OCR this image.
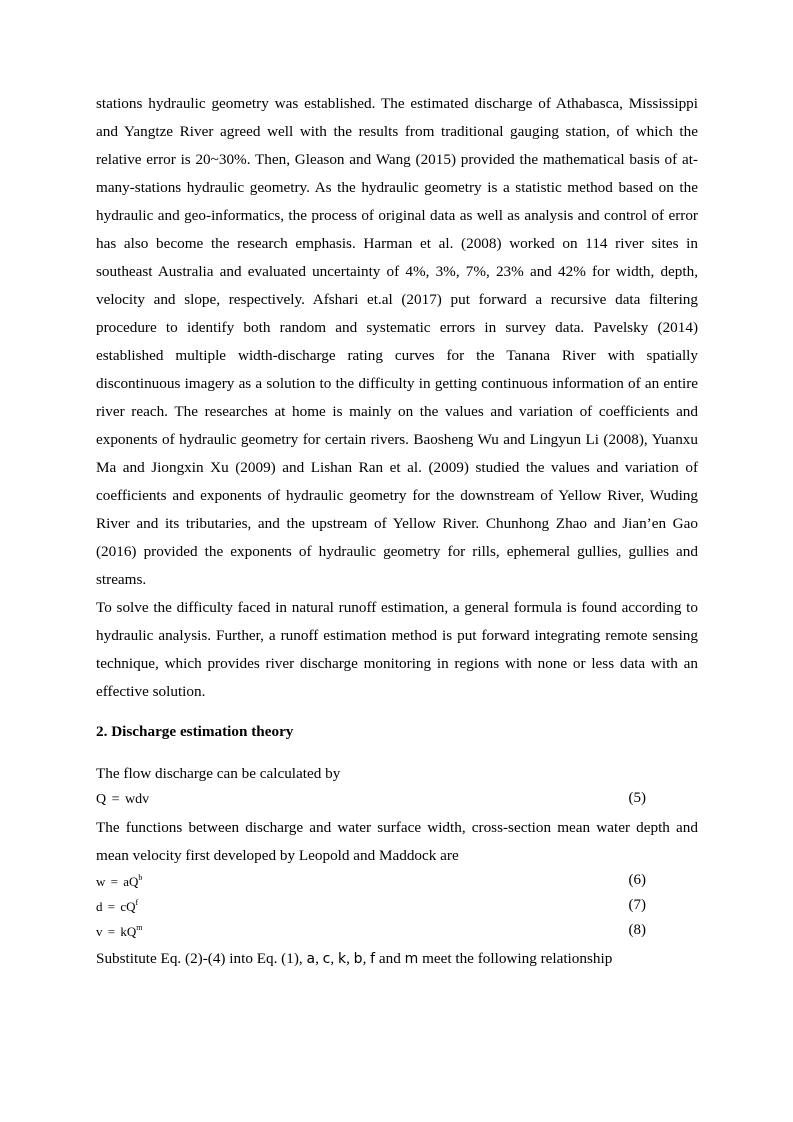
stations hydraulic geometry was established. The estimated discharge of Athabasca, Mississippi and Yangtze River agreed well with the results from traditional gauging station, of which the relative error is 20~30%. Then, Gleason and Wang (2015) provided the mathematical basis of at-many-stations hydraulic geometry. As the hydraulic geometry is a statistic method based on the hydraulic and geo-informatics, the process of original data as well as analysis and control of error has also become the research emphasis. Harman et al. (2008) worked on 114 river sites in southeast Australia and evaluated uncertainty of 4%, 3%, 7%, 23% and 42% for width, depth, velocity and slope, respectively. Afshari et.al (2017) put forward a recursive data filtering procedure to identify both random and systematic errors in survey data. Pavelsky (2014) established multiple width-discharge rating curves for the Tanana River with spatially discontinuous imagery as a solution to the difficulty in getting continuous information of an entire river reach. The researches at home is mainly on the values and variation of coefficients and exponents of hydraulic geometry for certain rivers. Baosheng Wu and Lingyun Li (2008), Yuanxu Ma and Jiongxin Xu (2009) and Lishan Ran et al. (2009) studied the values and variation of coefficients and exponents of hydraulic geometry for the downstream of Yellow River, Wuding River and its tributaries, and the upstream of Yellow River. Chunhong Zhao and Jian’en Gao (2016) provided the exponents of hydraulic geometry for rills, ephemeral gullies, gullies and streams.

To solve the difficulty faced in natural runoff estimation, a general formula is found according to hydraulic analysis. Further, a runoff estimation method is put forward integrating remote sensing technique, which provides river discharge monitoring in regions with none or less data with an effective solution.

2. Discharge estimation theory

The flow discharge can be calculated by

Q = wdv	(5)

The functions between discharge and water surface width, cross-section mean water depth and mean velocity first developed by Leopold and Maddock are

$w = aQ^b$	(6)
$d = cQ^f$	(7)
$v = kQ^m$	(8)

Substitute Eq. (2)-(4) into Eq. (1), a, c, k, b, f and m meet the following relationship
